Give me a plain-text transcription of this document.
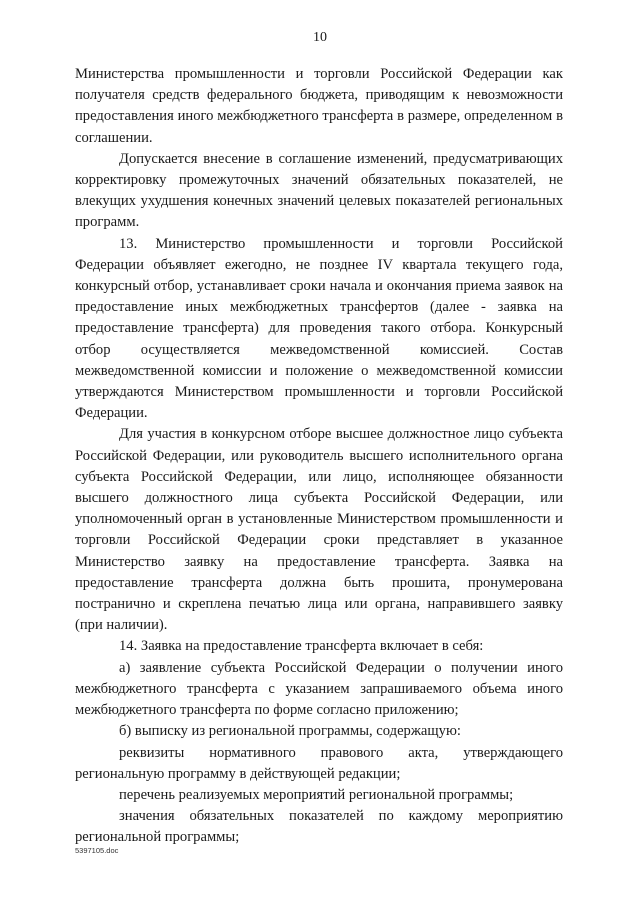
10

Министерства промышленности и торговли Российской Федерации как получателя средств федерального бюджета, приводящим к невозможности предоставления иного межбюджетного трансферта в размере, определенном в соглашении.

Допускается внесение в соглашение изменений, предусматривающих корректировку промежуточных значений обязательных показателей, не влекущих ухудшения конечных значений целевых показателей региональных программ.

13. Министерство промышленности и торговли Российской Федерации объявляет ежегодно, не позднее IV квартала текущего года, конкурсный отбор, устанавливает сроки начала и окончания приема заявок на предоставление иных межбюджетных трансфертов (далее - заявка на предоставление трансферта) для проведения такого отбора. Конкурсный отбор осуществляется межведомственной комиссией. Состав межведомственной комиссии и положение о межведомственной комиссии утверждаются Министерством промышленности и торговли Российской Федерации.

Для участия в конкурсном отборе высшее должностное лицо субъекта Российской Федерации, или руководитель высшего исполнительного органа субъекта Российской Федерации, или лицо, исполняющее обязанности высшего должностного лица субъекта Российской Федерации, или уполномоченный орган в установленные Министерством промышленности и торговли Российской Федерации сроки представляет в указанное Министерство заявку на предоставление трансферта. Заявка на предоставление трансферта должна быть прошита, пронумерована постранично и скреплена печатью лица или органа, направившего заявку (при наличии).

14. Заявка на предоставление трансферта включает в себя:

а) заявление субъекта Российской Федерации о получении иного межбюджетного трансферта с указанием запрашиваемого объема иного межбюджетного трансферта по форме согласно приложению;

б) выписку из региональной программы, содержащую:

реквизиты нормативного правового акта, утверждающего региональную программу в действующей редакции;

перечень реализуемых мероприятий региональной программы;

значения обязательных показателей по каждому мероприятию региональной программы;

5397105.doc
